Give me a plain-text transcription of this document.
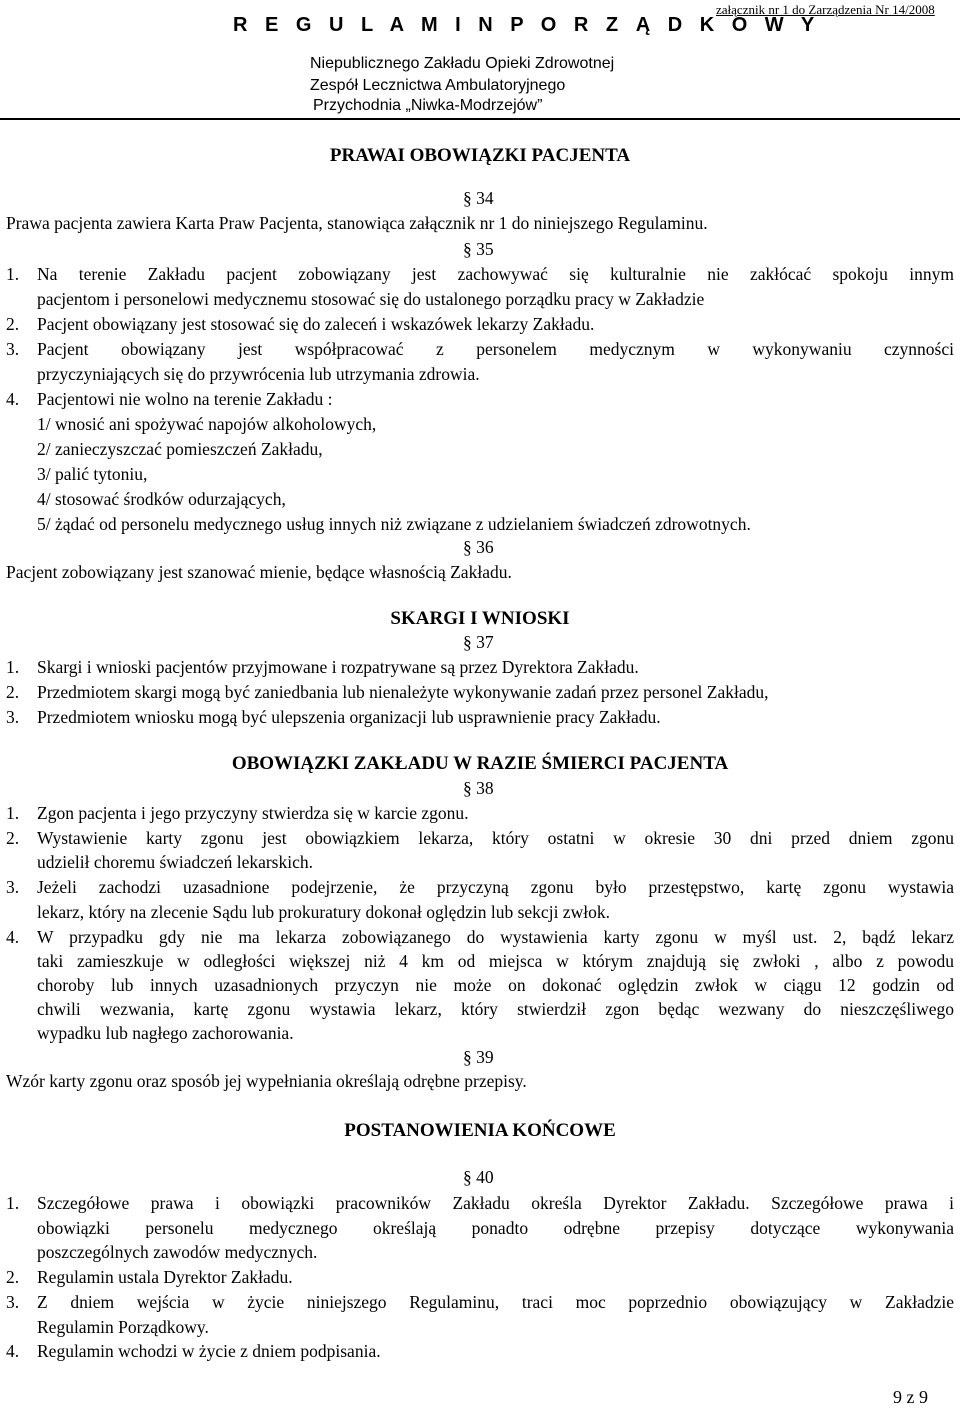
załącznik nr 1 do Zarządzenia Nr 14/2008
R E G U L A M I N P O R Z Ą D K O W Y
Niepublicznego Zakładu Opieki Zdrowotnej
Zespół Lecznictwa Ambulatoryjnego
Przychodnia „Niwka-Modrzejów”
PRAWAI OBOWIĄZKI PACJENTA
§ 34
Prawa pacjenta zawiera Karta Praw Pacjenta, stanowiąca załącznik nr 1 do niniejszego Regulaminu.
§ 35
1. Na terenie Zakładu pacjent zobowiązany jest zachowywać się kulturalnie nie zakłócać spokoju innym
pacjentom i personelowi medycznemu stosować się do ustalonego porządku pracy w Zakładzie
2. Pacjent obowiązany jest stosować się do zaleceń i wskazówek lekarzy Zakładu.
3. Pacjent obowiązany jest współpracować z personelem medycznym w wykonywaniu czynności
przyczyniających się do przywrócenia lub utrzymania zdrowia.
4. Pacjentowi nie wolno na terenie Zakładu :
1/ wnosić ani spożywać napojów alkoholowych,
2/ zanieczyszczać pomieszczeń Zakładu,
3/ palić tytoniu,
4/ stosować środków odurzających,
5/ żądać od personelu medycznego usług innych niż związane z udzielaniem świadczeń zdrowotnych.
§ 36
Pacjent zobowiązany jest szanować mienie, będące własnością Zakładu.
SKARGI I WNIOSKI
§ 37
1. Skargi i wnioski pacjentów przyjmowane i rozpatrywane są przez Dyrektora Zakładu.
2. Przedmiotem skargi mogą być zaniedbania lub nienależyte wykonywanie zadań przez personel Zakładu,
3. Przedmiotem wniosku mogą być ulepszenia organizacji lub usprawnienie pracy Zakładu.
OBOWIĄZKI ZAKŁADU W RAZIE ŚMIERCI PACJENTA
§ 38
1. Zgon pacjenta i jego przyczyny stwierdza się w karcie zgonu.
2. Wystawienie karty zgonu jest obowiązkiem lekarza, który ostatni w okresie 30 dni przed dniem zgonu
udzielił choremu świadczeń lekarskich.
3. Jeżeli zachodzi uzasadnione podejrzenie, że przyczyną zgonu było przestępstwo, kartę zgonu wystawia
lekarz, który na zlecenie Sądu lub prokuratury dokonał oględzin lub sekcji zwłok.
4. W przypadku gdy nie ma lekarza zobowiązanego do wystawienia karty zgonu w myśl ust. 2, bądź lekarz
taki zamieszkuje w odległości większej niż 4 km od miejsca w którym znajdują się zwłoki , albo z powodu
choroby lub innych uzasadnionych przyczyn nie może on dokonać oględzin zwłok w ciągu 12 godzin od
chwili wezwania, kartę zgonu wystawia lekarz, który stwierdził zgon będąc wezwany do nieszczęśliwego
wypadku lub nagłego zachorowania.
§ 39
Wzór karty zgonu oraz sposób jej wypełniania określają odrębne przepisy.
POSTANOWIENIA KOŃCOWE
§ 40
1. Szczegółowe prawa i obowiązki pracowników Zakładu określa Dyrektor Zakładu. Szczegółowe prawa i
obowiązki personelu medycznego określają ponadto odrębne przepisy dotyczące wykonywania
poszczególnych zawodów medycznych.
2. Regulamin ustala Dyrektor Zakładu.
3. Z dniem wejścia w życie niniejszego Regulaminu, traci moc poprzednio obowiązujący w Zakładzie
Regulamin Porządkowy.
4. Regulamin wchodzi w życie z dniem podpisania.
9 z 9
